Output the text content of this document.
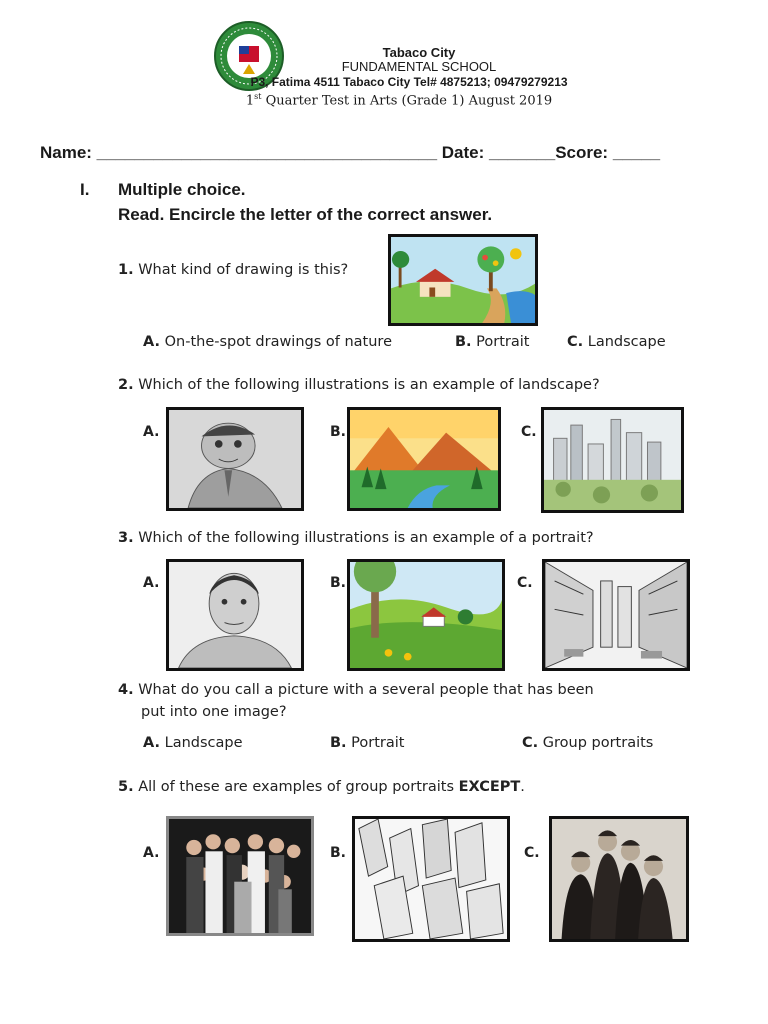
Tabaco City
FUNDAMENTAL SCHOOL
P3, Fatima 4511 Tabaco City Tel# 4875213; 09479279213
1st Quarter Test in Arts (Grade 1) August 2019
Name: ____________________________________ Date: _______Score: _____
I. Multiple choice.
Read. Encircle the letter of the correct answer.
1. What kind of drawing is this?
A. On-the-spot drawings of nature	B. Portrait	C. Landscape
2. Which of the following illustrations is an example of landscape?
A.	B.	C.
3. Which of the following illustrations is an example of a portrait?
A.	B.	C.
4. What do you call a picture with a several people that has been
put into one image?
A. Landscape	B. Portrait	C. Group portraits
5. All of these are examples of group portraits EXCEPT.
A.	B.	C.
